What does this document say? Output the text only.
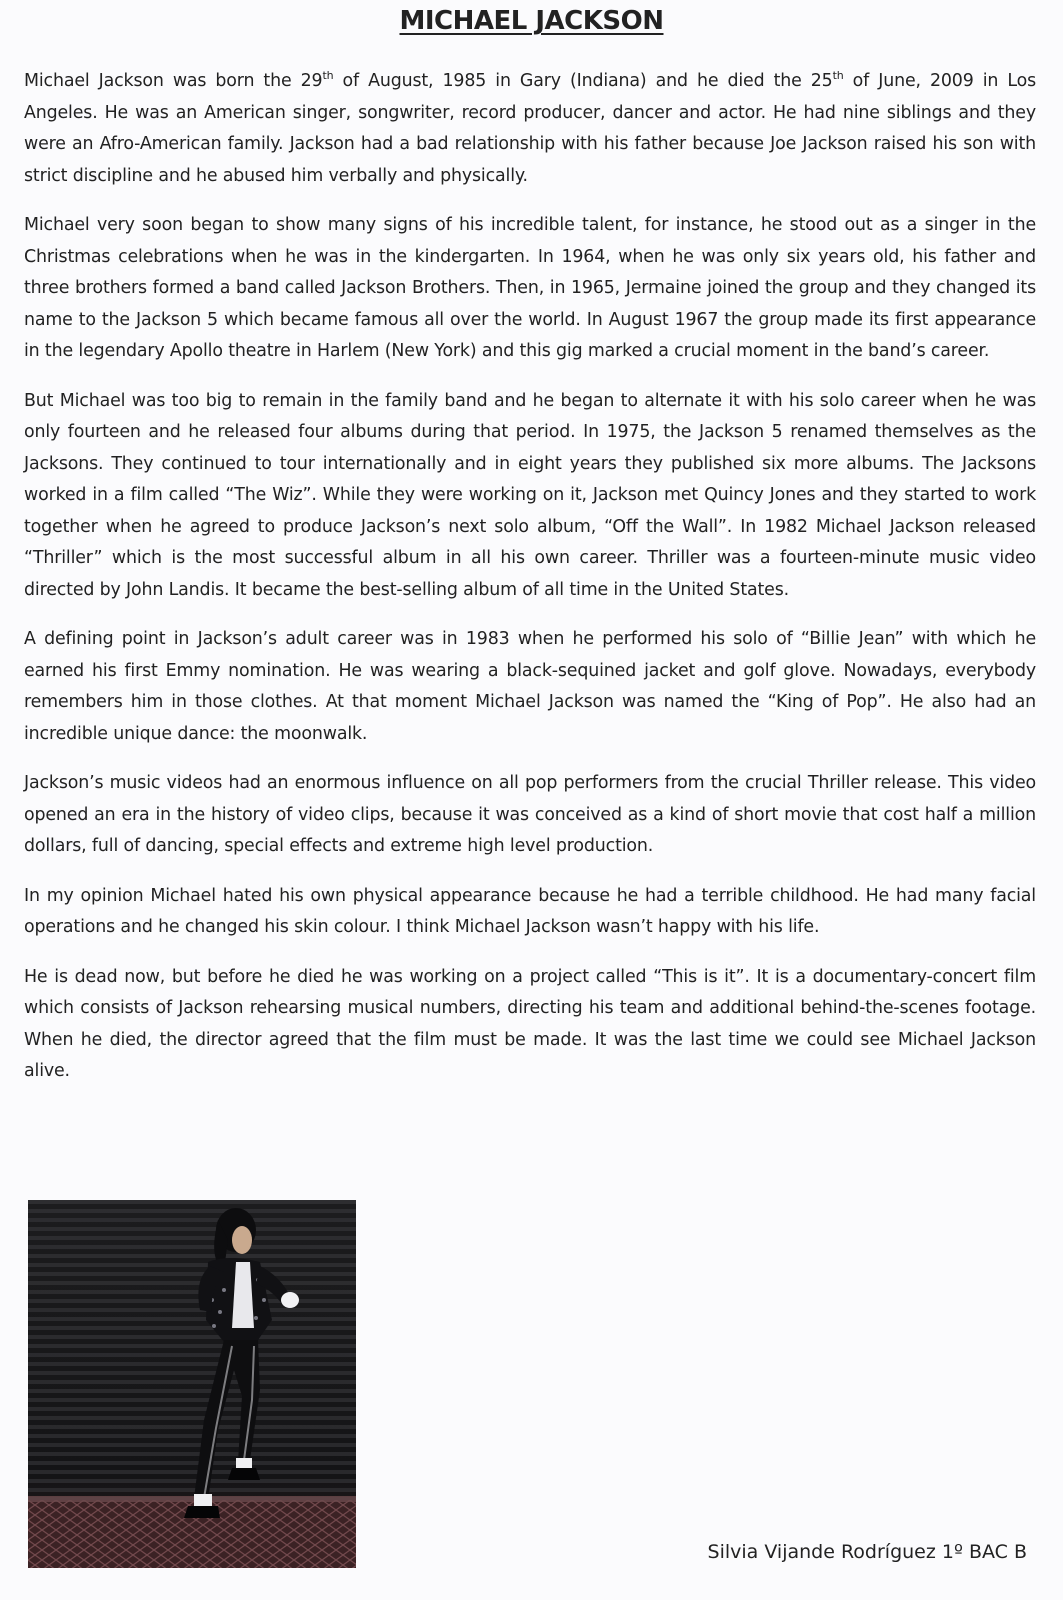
MICHAEL JACKSON

Michael Jackson was born the 29th of August, 1985 in Gary (Indiana) and he died the 25th of June, 2009 in Los Angeles. He was an American singer, songwriter, record producer, dancer and actor. He had nine siblings and they were an Afro-American family. Jackson had a bad relationship with his father because Joe Jackson raised his son with strict discipline and he abused him verbally and physically.

Michael very soon began to show many signs of his incredible talent, for instance, he stood out as a singer in the Christmas celebrations when he was in the kindergarten. In 1964, when he was only six years old, his father and three brothers formed a band called Jackson Brothers. Then, in 1965, Jermaine joined the group and they changed its name to the Jackson 5 which became famous all over the world. In August 1967 the group made its first appearance in the legendary Apollo theatre in Harlem (New York) and this gig marked a crucial moment in the band’s career.

But Michael was too big to remain in the family band and he began to alternate it with his solo career when he was only fourteen and he released four albums during that period. In 1975, the Jackson 5 renamed themselves as the Jacksons. They continued to tour internationally and in eight years they published six more albums. The Jacksons worked in a film called “The Wiz”. While they were working on it, Jackson met Quincy Jones and they started to work together when he agreed to produce Jackson’s next solo album, “Off the Wall”. In 1982 Michael Jackson released “Thriller” which is the most successful album in all his own career. Thriller was a fourteen-minute music video directed by John Landis. It became the best-selling album of all time in the United States.

A defining point in Jackson’s adult career was in 1983 when he performed his solo of “Billie Jean” with which he earned his first Emmy nomination. He was wearing a black-sequined jacket and golf glove. Nowadays, everybody remembers him in those clothes. At that moment Michael Jackson was named the “King of Pop”. He also had an incredible unique dance: the moonwalk.

Jackson’s music videos had an enormous influence on all pop performers from the crucial Thriller release. This video opened an era in the history of video clips, because it was conceived as a kind of short movie that cost half a million dollars, full of dancing, special effects and extreme high level production.

In my opinion Michael hated his own physical appearance because he had a terrible childhood. He had many facial operations and he changed his skin colour. I think Michael Jackson wasn’t happy with his life.

He is dead now, but before he died he was working on a project called “This is it”. It is a documentary-concert film which consists of Jackson rehearsing musical numbers, directing his team and additional behind-the-scenes footage. When he died, the director agreed that the film must be made. It was the last time we could see Michael Jackson alive.

Silvia Vijande Rodríguez 1º BAC B
